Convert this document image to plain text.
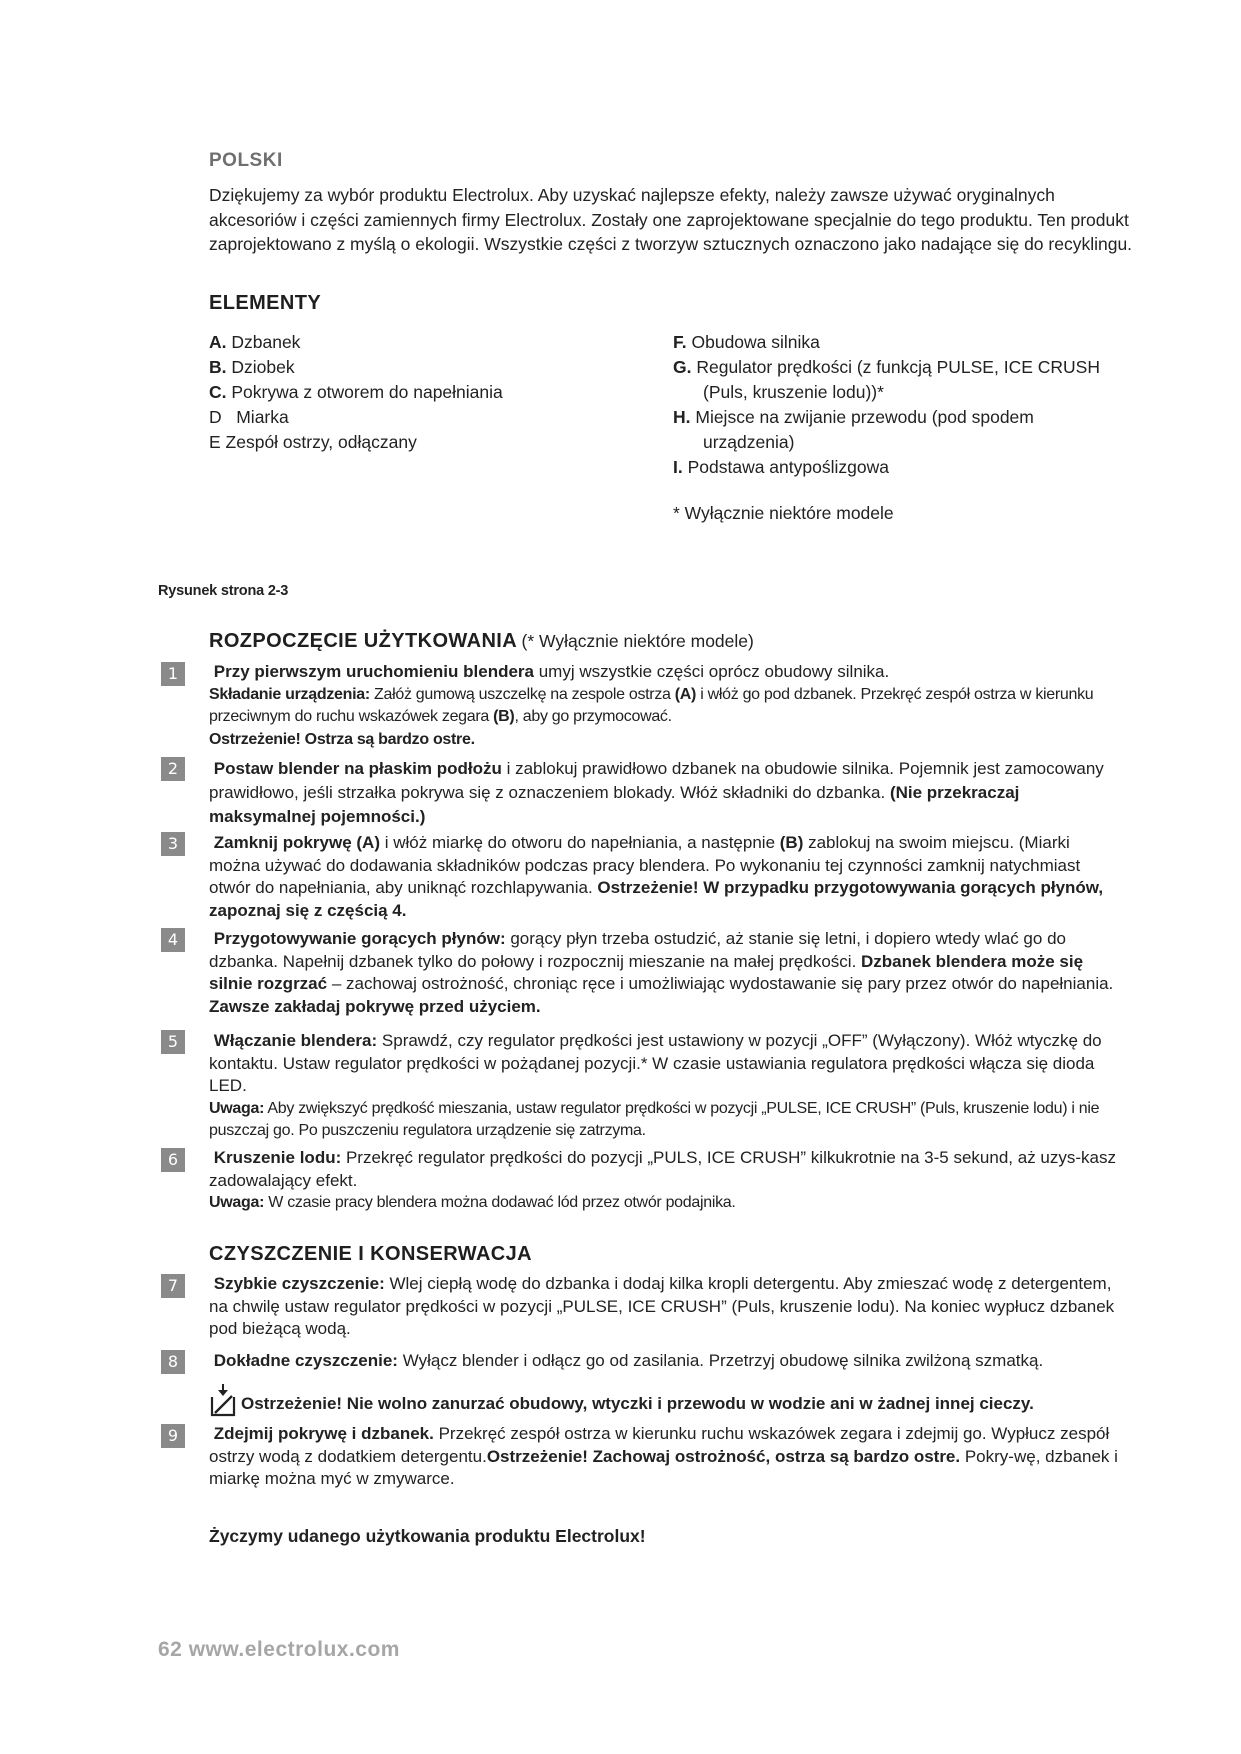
POLSKI
Dziękujemy za wybór produktu Electrolux. Aby uzyskać najlepsze efekty, należy zawsze używać oryginalnych akcesoriów i części zamiennych firmy Electrolux. Zostały one zaprojektowane specjalnie do tego produktu. Ten produkt zaprojektowano z myślą o ekologii. Wszystkie części z tworzyw sztucznych oznaczono jako nadające się do recyklingu.
ELEMENTY
A. Dzbanek
B. Dziobek
C. Pokrywa z otworem do napełniania
D   Miarka
E Zespół ostrzy, odłączany
F. Obudowa silnika
G. Regulator prędkości (z funkcją PULSE, ICE CRUSH
(Puls, kruszenie lodu))*
H. Miejsce na zwijanie przewodu (pod spodem
urządzenia)
I. Podstawa antypoślizgowa
* Wyłącznie niektóre modele
Rysunek strona 2-3
ROZPOCZĘCIE UŻYTKOWANIA (* Wyłącznie niektóre modele)
1	Przy pierwszym uruchomieniu blendera umyj wszystkie części oprócz obudowy silnika.
Składanie urządzenia: Załóż gumową uszczelkę na zespole ostrza (A) i włóż go pod dzbanek. Przekręć zespół ostrza w kierunku przeciwnym do ruchu wskazówek zegara (B), aby go przymocować.
Ostrzeżenie! Ostrza są bardzo ostre.
2	Postaw blender na płaskim podłożu i zablokuj prawidłowo dzbanek na obudowie silnika. Pojemnik jest zamocowany prawidłowo, jeśli strzałka pokrywa się z oznaczeniem blokady. Włóż składniki do dzbanka. (Nie przekraczaj maksymalnej pojemności.)
3	Zamknij pokrywę (A) i włóż miarkę do otworu do napełniania, a następnie (B) zablokuj na swoim miejscu. (Miarki można używać do dodawania składników podczas pracy blendera. Po wykonaniu tej czynności zamknij natychmiast otwór do napełniania, aby uniknąć rozchlapywania. Ostrzeżenie! W przypadku przygotowywania gorących płynów, zapoznaj się z częścią 4.
4	Przygotowywanie gorących płynów: gorący płyn trzeba ostudzić, aż stanie się letni, i dopiero wtedy wlać go do dzbanka. Napełnij dzbanek tylko do połowy i rozpocznij mieszanie na małej prędkości. Dzbanek blendera może się silnie rozgrzać – zachowaj ostrożność, chroniąc ręce i umożliwiając wydostawanie się pary przez otwór do napełniania. Zawsze zakładaj pokrywę przed użyciem.
5	Włączanie blendera: Sprawdź, czy regulator prędkości jest ustawiony w pozycji „OFF” (Wyłączony). Włóż wtyczkę do kontaktu. Ustaw regulator prędkości w pożądanej pozycji.* W czasie ustawiania regulatora prędkości włącza się dioda LED.
Uwaga: Aby zwiększyć prędkość mieszania, ustaw regulator prędkości w pozycji „PULSE, ICE CRUSH” (Puls, kruszenie lodu) i nie puszczaj go. Po puszczeniu regulatora urządzenie się zatrzyma.
6	Kruszenie lodu: Przekręć regulator prędkości do pozycji „PULS, ICE CRUSH” kilkukrotnie na 3-5 sekund, aż uzys-kasz zadowalający efekt.
Uwaga: W czasie pracy blendera można dodawać lód przez otwór podajnika.
CZYSZCZENIE I KONSERWACJA
7	Szybkie czyszczenie: Wlej ciepłą wodę do dzbanka i dodaj kilka kropli detergentu. Aby zmieszać wodę z detergentem, na chwilę ustaw regulator prędkości w pozycji „PULSE, ICE CRUSH” (Puls, kruszenie lodu). Na koniec wypłucz dzbanek pod bieżącą wodą.
8	Dokładne czyszczenie: Wyłącz blender i odłącz go od zasilania. Przetrzyj obudowę silnika zwilżoną szmatką.
Ostrzeżenie! Nie wolno zanurzać obudowy, wtyczki i przewodu w wodzie ani w żadnej innej cieczy.
9	Zdejmij pokrywę i dzbanek. Przekręć zespół ostrza w kierunku ruchu wskazówek zegara i zdejmij go. Wypłucz zespół ostrzy wodą z dodatkiem detergentu.Ostrzeżenie! Zachowaj ostrożność, ostrza są bardzo ostre. Pokry-wę, dzbanek i miarkę można myć w zmywarce.
Życzymy udanego użytkowania produktu Electrolux!
62 www.electrolux.com
